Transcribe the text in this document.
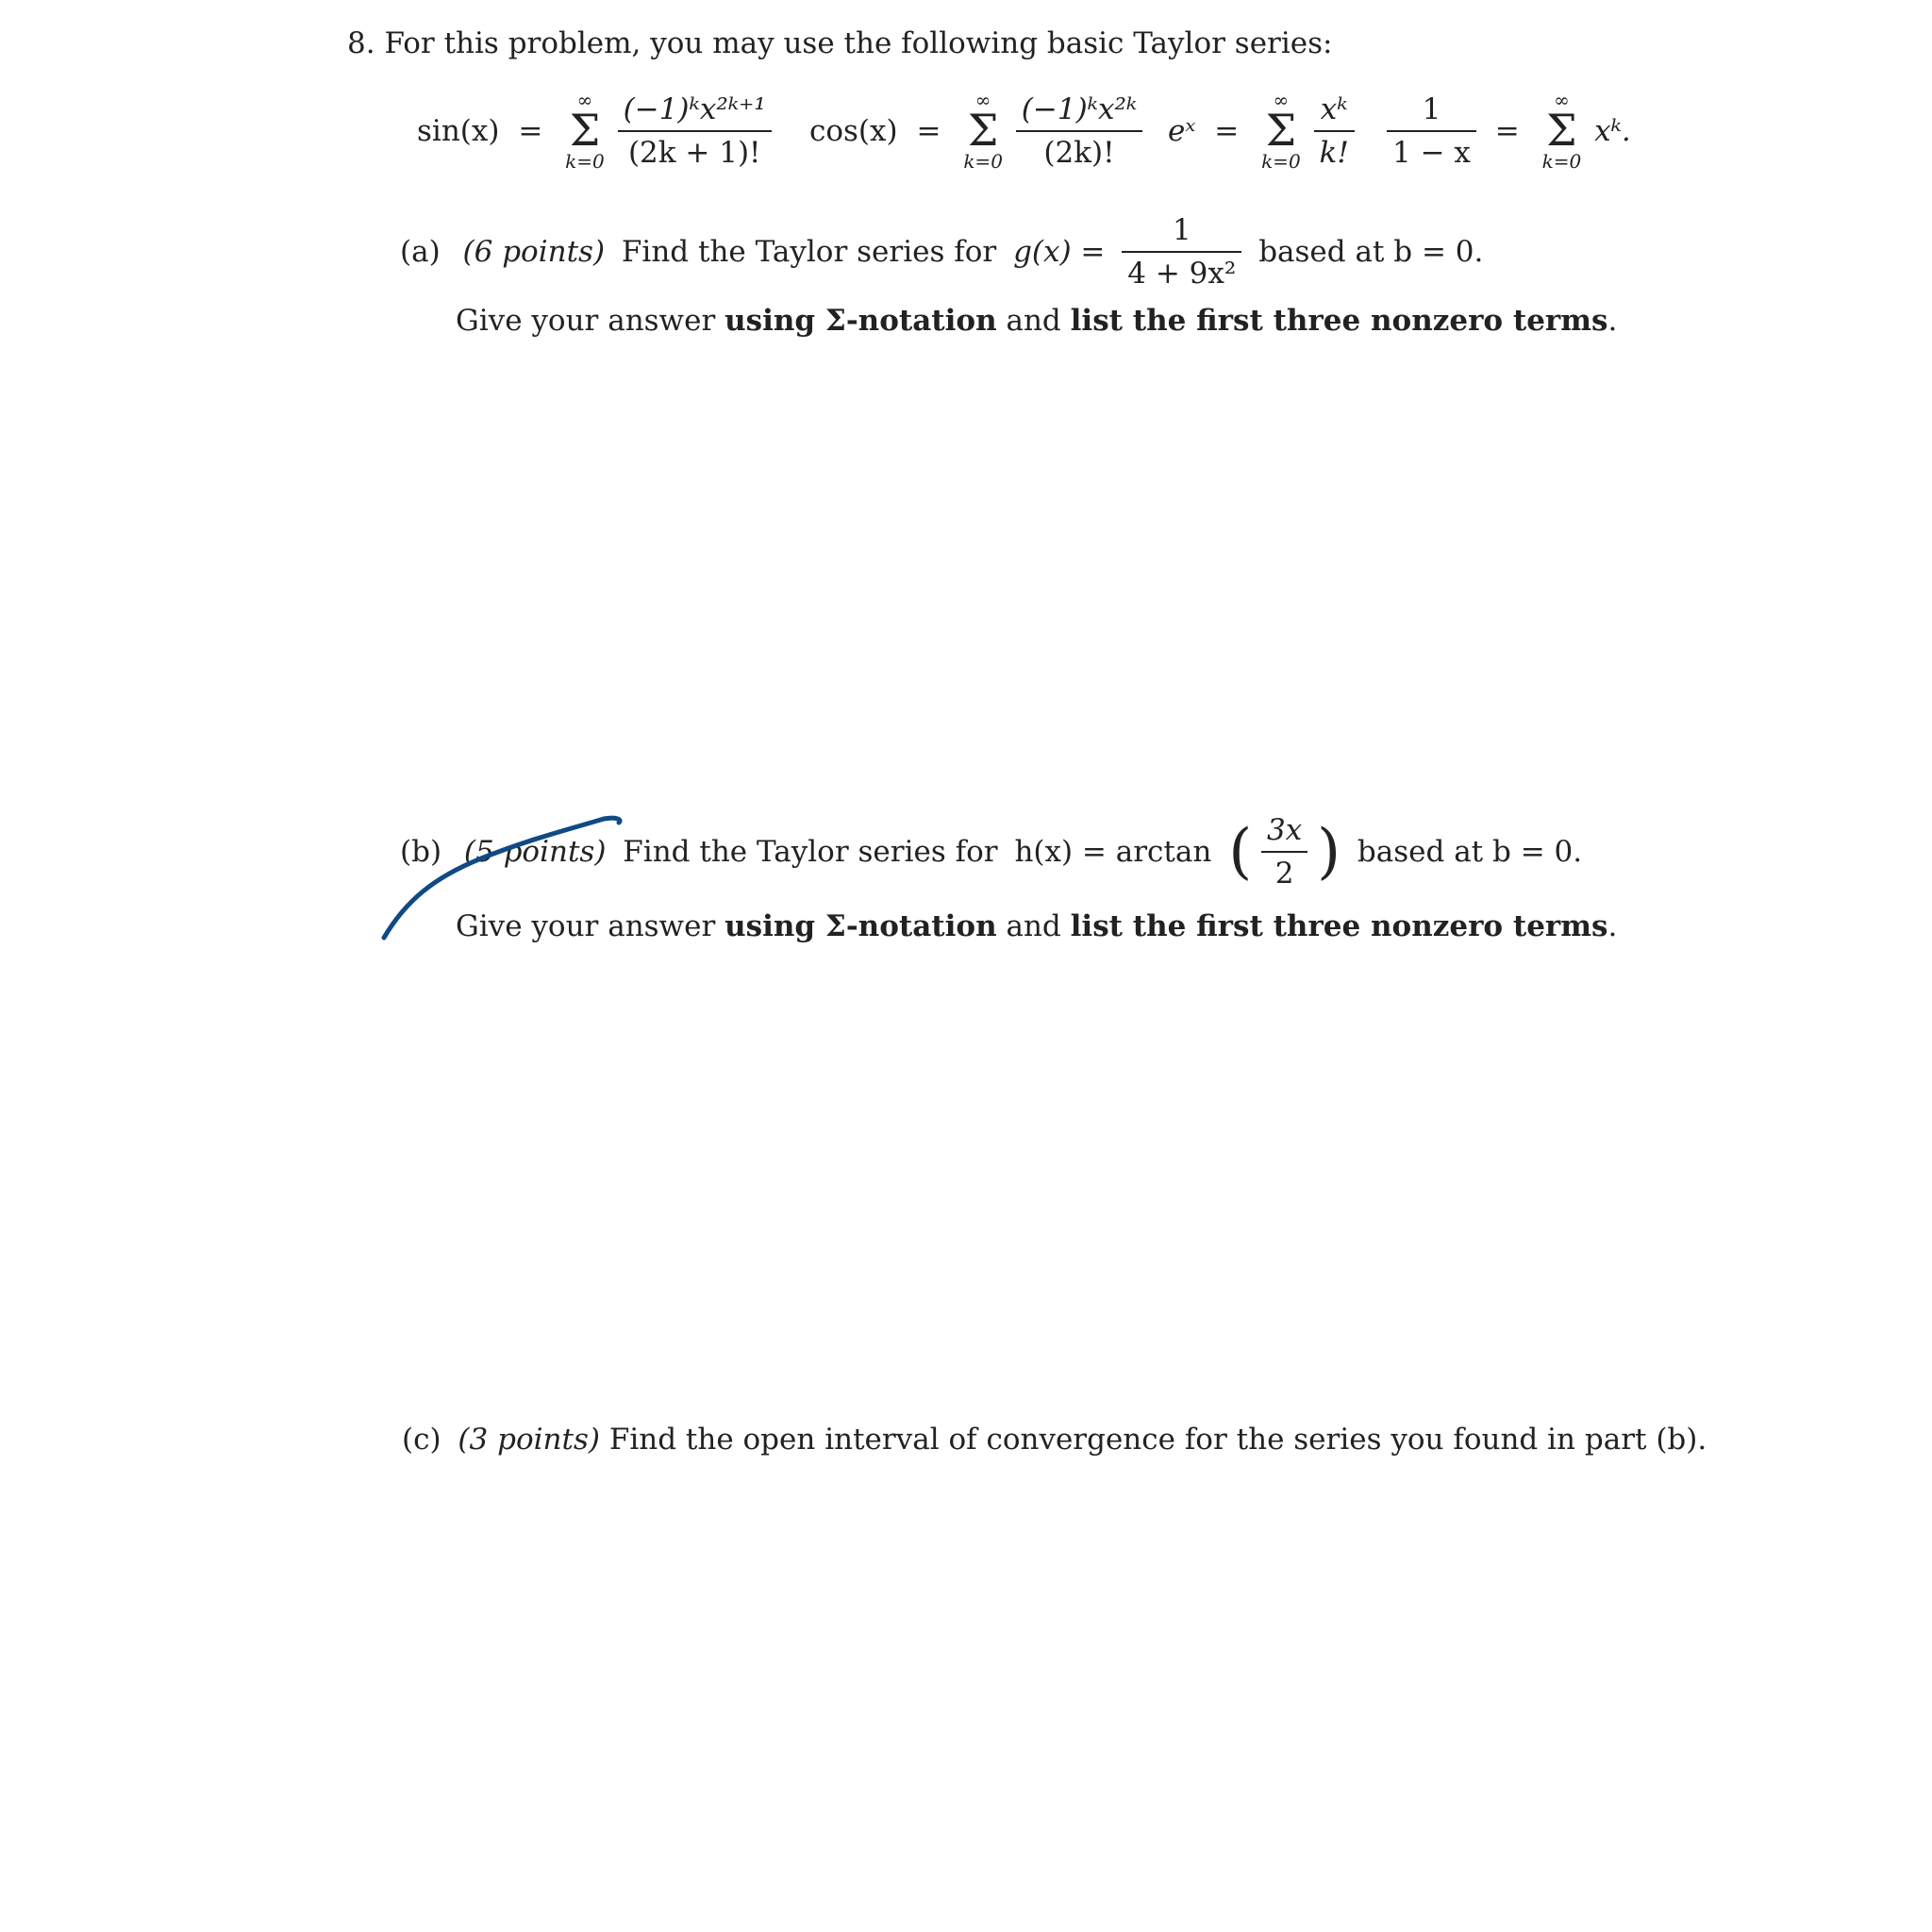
8. For this problem, you may use the following basic Taylor series:
sin(x) =
∞
Σ
k=0
$\frac{\text{(−1)ᵏx²ᵏ⁺¹}}{(2k + 1)!} \cos(x)$ =
∞
Σ
k=0
$\frac{\text{(−1)ᵏx²ᵏ}}{(2k)!}$ eˣ =
∞
Σ
k=0
$\frac{\text{xᵏ}}{k!} \frac{1}{1 - x}$ =
∞
Σ
k=0
xᵏ.
(a) (6 points) Find the Taylor series for $g(x) = \frac{1}{\text{4 + 9x²}}$ based at b = 0.
Give your answer using Σ-notation and list the first three nonzero terms.
(b) (5 points) Find the Taylor series for h(x) = arctan ( $\frac{3x}{2}$ ) based at b = 0.
Give your answer using Σ-notation and list the first three nonzero terms.
(c) (3 points) Find the open interval of convergence for the series you found in part (b).
